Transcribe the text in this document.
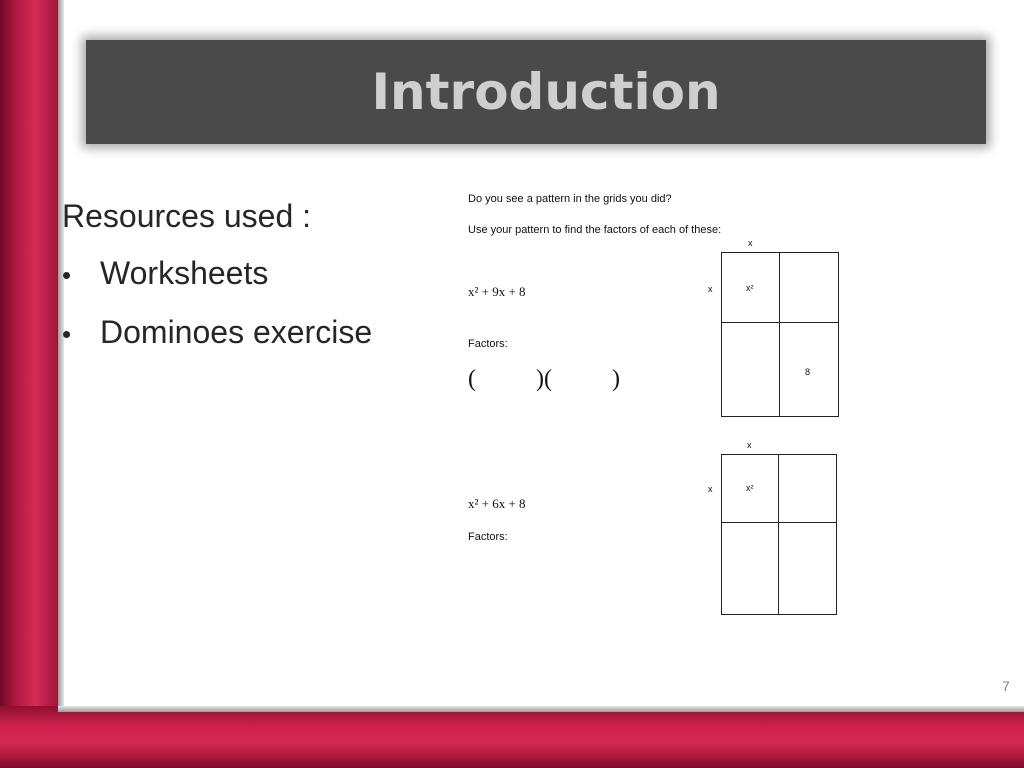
Introduction
Resources used :
• Worksheets
• Dominoes exercise
Do you see a pattern in the grids you did?
Use your pattern to find the factors of each of these:
x² + 9x + 8
Factors:
(          )(          )
x
x	x²
8
x² + 6x + 8
Factors:
x
x	x²
7
